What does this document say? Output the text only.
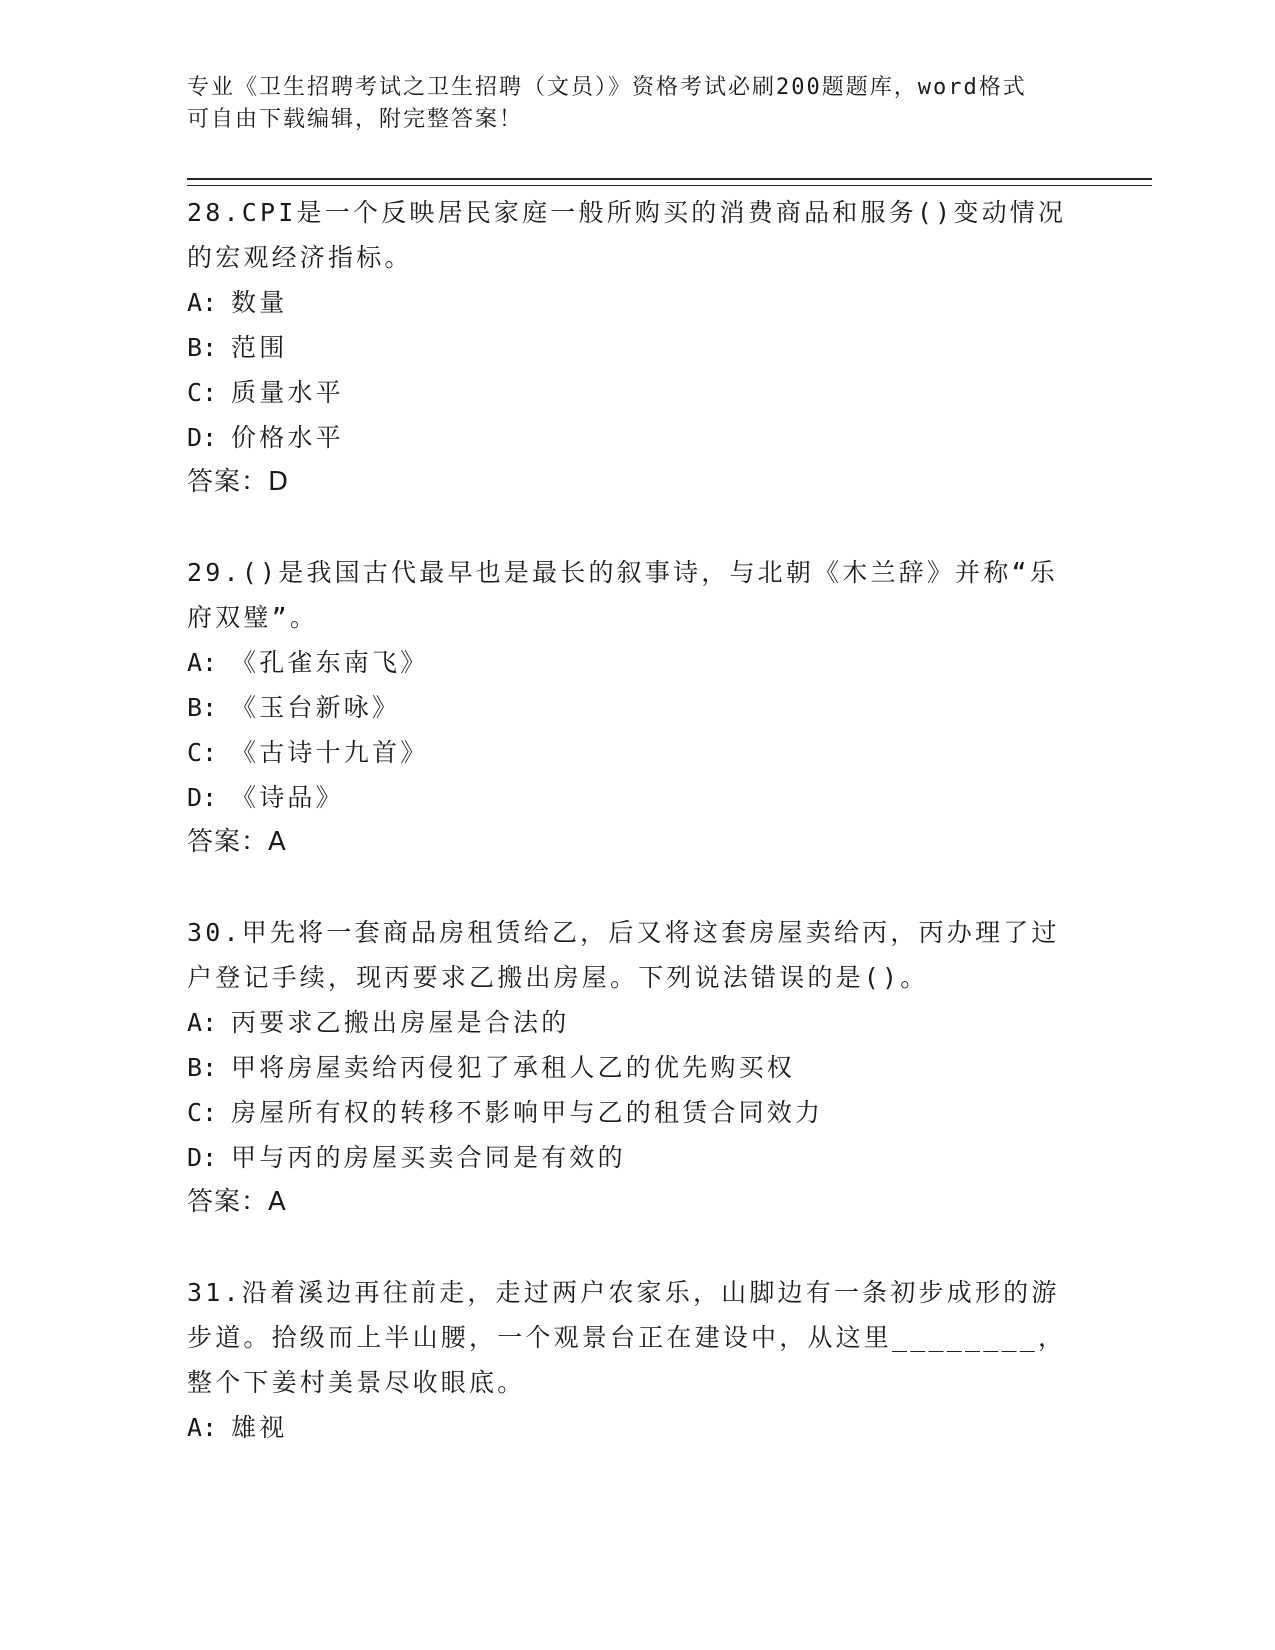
专业《卫生招聘考试之卫生招聘（文员）》资格考试必刷200题题库，word格式
可自由下载编辑，附完整答案！
28.CPI是一个反映居民家庭一般所购买的消费商品和服务()变动情况
的宏观经济指标。
A: 数量
B: 范围
C: 质量水平
D: 价格水平
答案：D
29.()是我国古代最早也是最长的叙事诗，与北朝《木兰辞》并称“乐
府双璧”。
A: 《孔雀东南飞》
B: 《玉台新咏》
C: 《古诗十九首》
D: 《诗品》
答案：A
30.甲先将一套商品房租赁给乙，后又将这套房屋卖给丙，丙办理了过
户登记手续，现丙要求乙搬出房屋。下列说法错误的是()。
A: 丙要求乙搬出房屋是合法的
B: 甲将房屋卖给丙侵犯了承租人乙的优先购买权
C: 房屋所有权的转移不影响甲与乙的租赁合同效力
D: 甲与丙的房屋买卖合同是有效的
答案：A
31.沿着溪边再往前走，走过两户农家乐，山脚边有一条初步成形的游
步道。拾级而上半山腰，一个观景台正在建设中，从这里________，
整个下姜村美景尽收眼底。
A: 雄视
